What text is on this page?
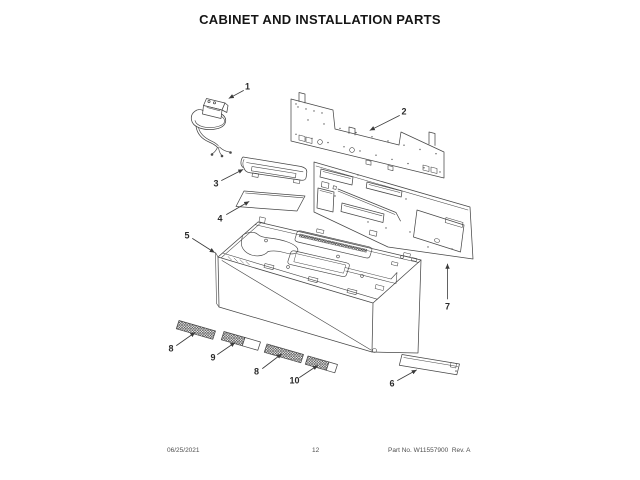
CABINET AND INSTALLATION PARTS
1
2
3
4
5
6
7
8
9
8
10
06/25/2021	12	Part No. W11557900  Rev. A
